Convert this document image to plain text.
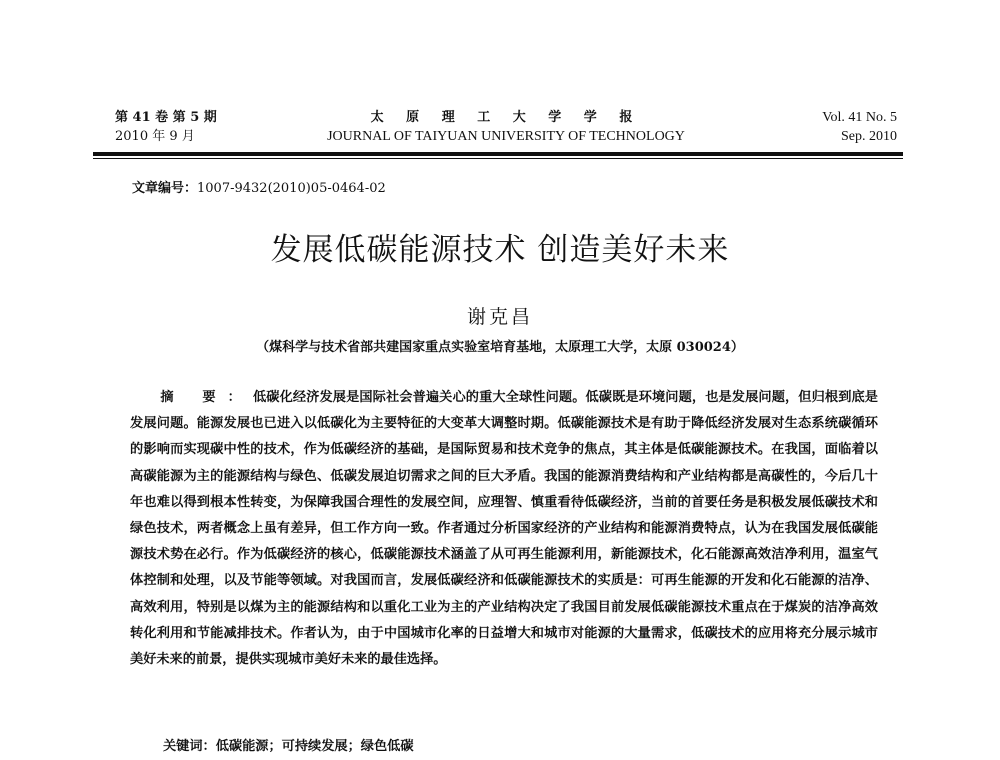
第 41 卷 第 5 期
2010 年 9 月
太 原 理 工 大 学 学 报
JOURNAL OF TAIYUAN UNIVERSITY OF TECHNOLOGY
Vol. 41 No. 5
Sep. 2010
文章编号：1007-9432(2010)05-0464-02
发展低碳能源技术 创造美好未来
谢克昌
（煤科学与技术省部共建国家重点实验室培育基地，太原理工大学，太原 030024）

摘 要：低碳化经济发展是国际社会普遍关心的重大全球性问题。低碳既是环境问题，也是发展问题，但归根到底是发展问题。能源发展也已进入以低碳化为主要特征的大变革大调整时期。低碳能源技术是有助于降低经济发展对生态系统碳循环的影响而实现碳中性的技术，作为低碳经济的基础，是国际贸易和技术竞争的焦点，其主体是低碳能源技术。在我国，面临着以高碳能源为主的能源结构与绿色、低碳发展迫切需求之间的巨大矛盾。我国的能源消费结构和产业结构都是高碳性的，今后几十年也难以得到根本性转变，为保障我国合理性的发展空间，应理智、慎重看待低碳经济，当前的首要任务是积极发展低碳技术和绿色技术，两者概念上虽有差异，但工作方向一致。作者通过分析国家经济的产业结构和能源消费特点，认为在我国发展低碳能源技术势在必行。作为低碳经济的核心，低碳能源技术涵盖了从可再生能源利用，新能源技术，化石能源高效洁净利用，温室气体控制和处理，以及节能等领域。对我国而言，发展低碳经济和低碳能源技术的实质是：可再生能源的开发和化石能源的洁净、高效利用，特别是以煤为主的能源结构和以重化工业为主的产业结构决定了我国目前发展低碳能源技术重点在于煤炭的洁净高效转化利用和节能减排技术。作者认为，由于中国城市化率的日益增大和城市对能源的大量需求，低碳技术的应用将充分展示城市美好未来的前景，提供实现城市美好未来的最佳选择。

关键词：低碳能源；可持续发展；绿色低碳
